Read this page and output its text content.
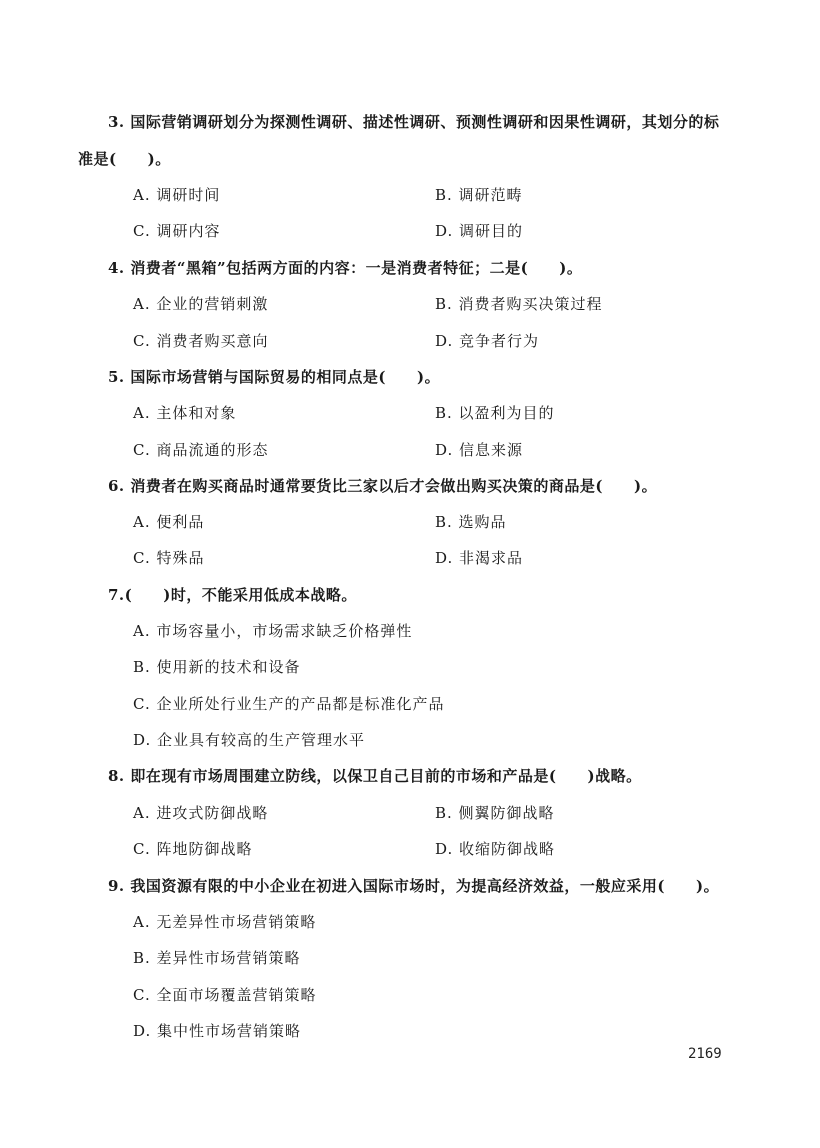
3. 国际营销调研划分为探测性调研、描述性调研、预测性调研和因果性调研，其划分的标
准是(　　)。
A. 调研时间	B. 调研范畴
C. 调研内容	D. 调研目的
4. 消费者“黑箱”包括两方面的内容：一是消费者特征；二是(　　)。
A. 企业的营销刺激	B. 消费者购买决策过程
C. 消费者购买意向	D. 竞争者行为
5. 国际市场营销与国际贸易的相同点是(　　)。
A. 主体和对象	B. 以盈利为目的
C. 商品流通的形态	D. 信息来源
6. 消费者在购买商品时通常要货比三家以后才会做出购买决策的商品是(　　)。
A. 便利品	B. 选购品
C. 特殊品	D. 非渴求品
7.(　　)时，不能采用低成本战略。
A. 市场容量小，市场需求缺乏价格弹性
B. 使用新的技术和设备
C. 企业所处行业生产的产品都是标准化产品
D. 企业具有较高的生产管理水平
8. 即在现有市场周围建立防线，以保卫自己目前的市场和产品是(　　)战略。
A. 进攻式防御战略	B. 侧翼防御战略
C. 阵地防御战略	D. 收缩防御战略
9. 我国资源有限的中小企业在初进入国际市场时，为提高经济效益，一般应采用(　　)。
A. 无差异性市场营销策略
B. 差异性市场营销策略
C. 全面市场覆盖营销策略
D. 集中性市场营销策略
2169
